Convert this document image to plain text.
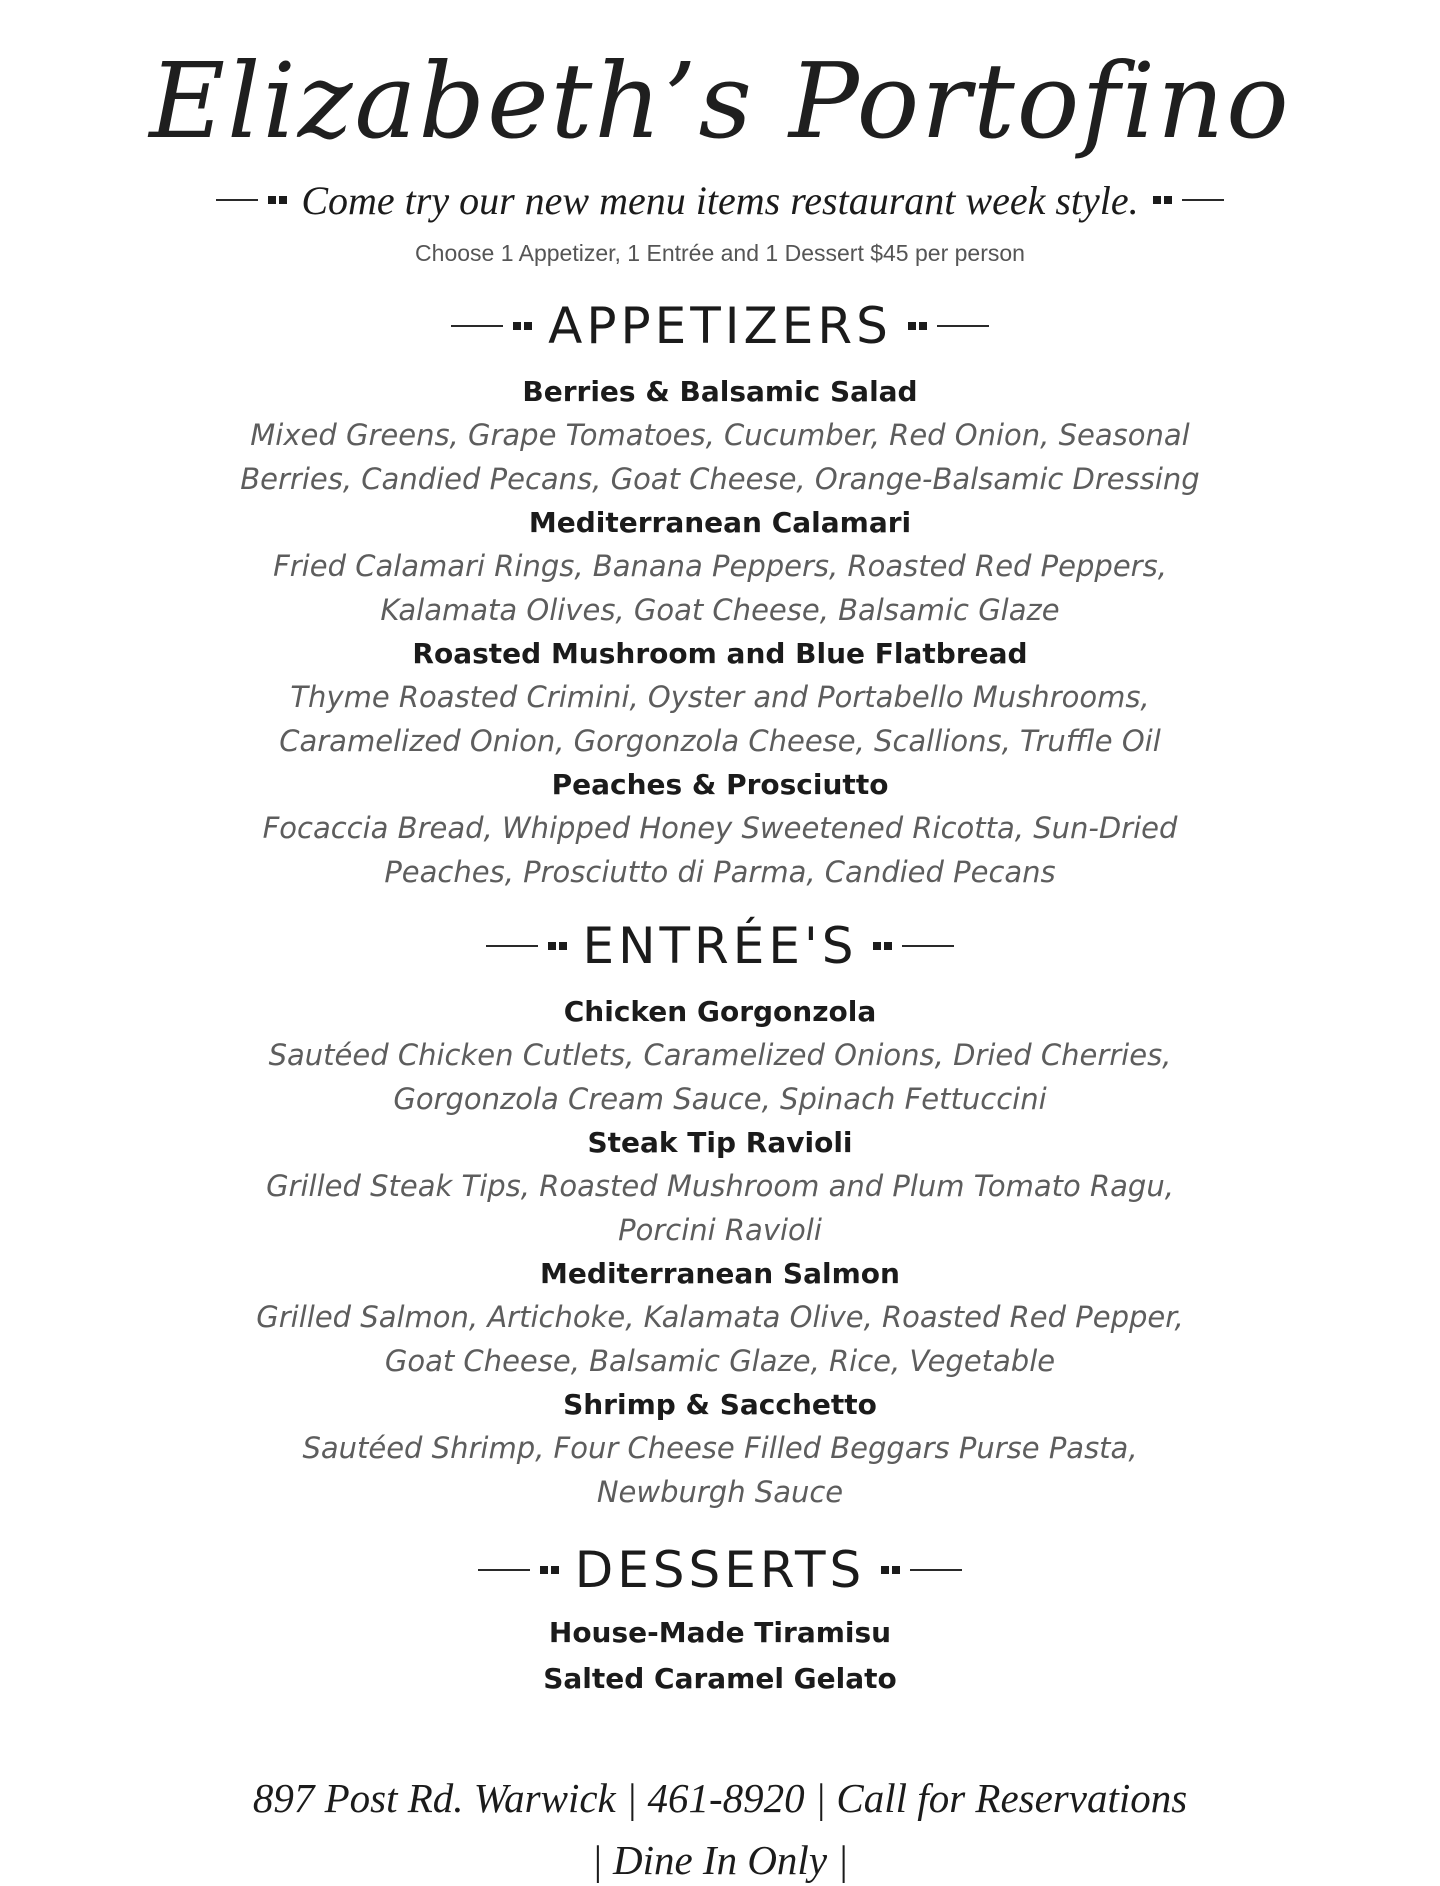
Elizabeth’s Portofino
Come try our new menu items restaurant week style.
Choose 1 Appetizer, 1 Entrée and 1 Dessert $45 per person
APPETIZERS
Berries & Balsamic Salad
Mixed Greens, Grape Tomatoes, Cucumber, Red Onion, Seasonal
Berries, Candied Pecans, Goat Cheese, Orange-Balsamic Dressing
Mediterranean Calamari
Fried Calamari Rings, Banana Peppers, Roasted Red Peppers,
Kalamata Olives, Goat Cheese, Balsamic Glaze
Roasted Mushroom and Blue Flatbread
Thyme Roasted Crimini, Oyster and Portabello Mushrooms,
Caramelized Onion, Gorgonzola Cheese, Scallions, Truffle Oil
Peaches & Prosciutto
Focaccia Bread, Whipped Honey Sweetened Ricotta, Sun-Dried
Peaches, Prosciutto di Parma, Candied Pecans
ENTRÉE'S
Chicken Gorgonzola
Sautéed Chicken Cutlets, Caramelized Onions, Dried Cherries,
Gorgonzola Cream Sauce, Spinach Fettuccini
Steak Tip Ravioli
Grilled Steak Tips, Roasted Mushroom and Plum Tomato Ragu,
Porcini Ravioli
Mediterranean Salmon
Grilled Salmon, Artichoke, Kalamata Olive, Roasted Red Pepper,
Goat Cheese, Balsamic Glaze, Rice, Vegetable
Shrimp & Sacchetto
Sautéed Shrimp, Four Cheese Filled Beggars Purse Pasta,
Newburgh Sauce
DESSERTS
House-Made Tiramisu
Salted Caramel Gelato
897 Post Rd. Warwick | 461-8920 | Call for Reservations
| Dine In Only |
